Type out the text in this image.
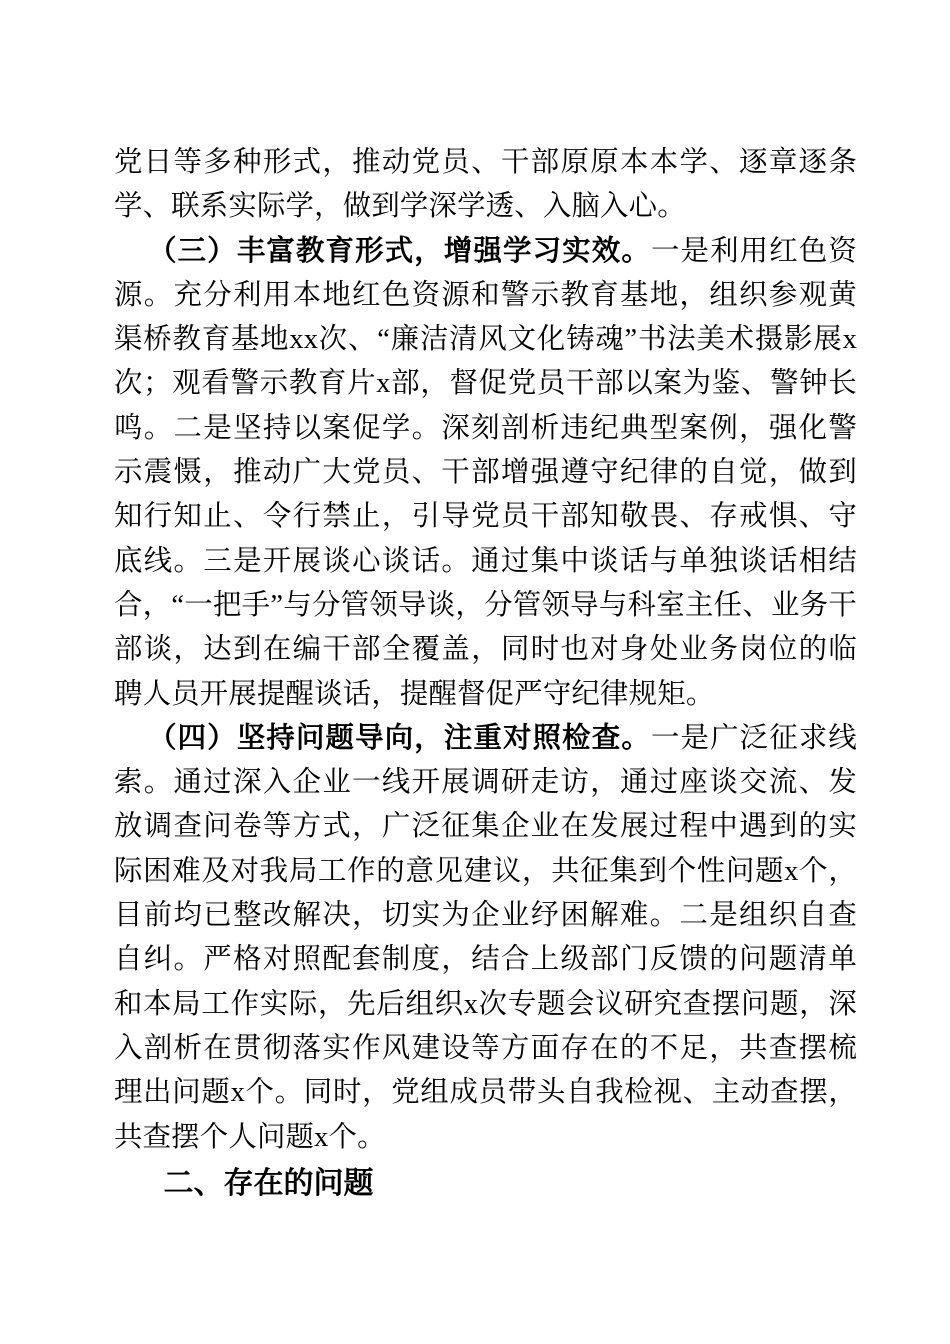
党日等多种形式，推动党员、干部原原本本学、逐章逐条学、联系实际学，做到学深学透、入脑入心。

（三）丰富教育形式，增强学习实效。一是利用红色资源。充分利用本地红色资源和警示教育基地，组织参观黄渠桥教育基地xx次、“廉洁清风文化铸魂”书法美术摄影展x次；观看警示教育片x部，督促党员干部以案为鉴、警钟长鸣。二是坚持以案促学。深刻剖析违纪典型案例，强化警示震慑，推动广大党员、干部增强遵守纪律的自觉，做到知行知止、令行禁止，引导党员干部知敬畏、存戒惧、守底线。三是开展谈心谈话。通过集中谈话与单独谈话相结合，“一把手”与分管领导谈，分管领导与科室主任、业务干部谈，达到在编干部全覆盖，同时也对身处业务岗位的临聘人员开展提醒谈话，提醒督促严守纪律规矩。

（四）坚持问题导向，注重对照检查。一是广泛征求线索。通过深入企业一线开展调研走访，通过座谈交流、发放调查问卷等方式，广泛征集企业在发展过程中遇到的实际困难及对我局工作的意见建议，共征集到个性问题x个，目前均已整改解决，切实为企业纾困解难。二是组织自查自纠。严格对照配套制度，结合上级部门反馈的问题清单和本局工作实际，先后组织x次专题会议研究查摆问题，深入剖析在贯彻落实作风建设等方面存在的不足，共查摆梳理出问题x个。同时，党组成员带头自我检视、主动查摆，共查摆个人问题x个。

二、存在的问题
